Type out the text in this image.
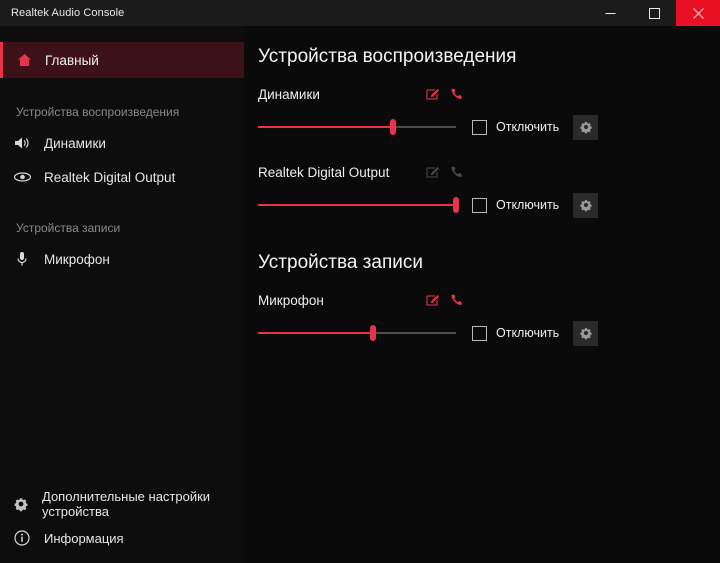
Realtek Audio Console
Главный
Устройства воспроизведения
Динамики
Realtek Digital Output
Устройства записи
Микрофон
Дополнительные настройки устройства
Информация
Устройства воспроизведения
Динамики
Отключить
Realtek Digital Output
Отключить
Устройства записи
Микрофон
Отключить
